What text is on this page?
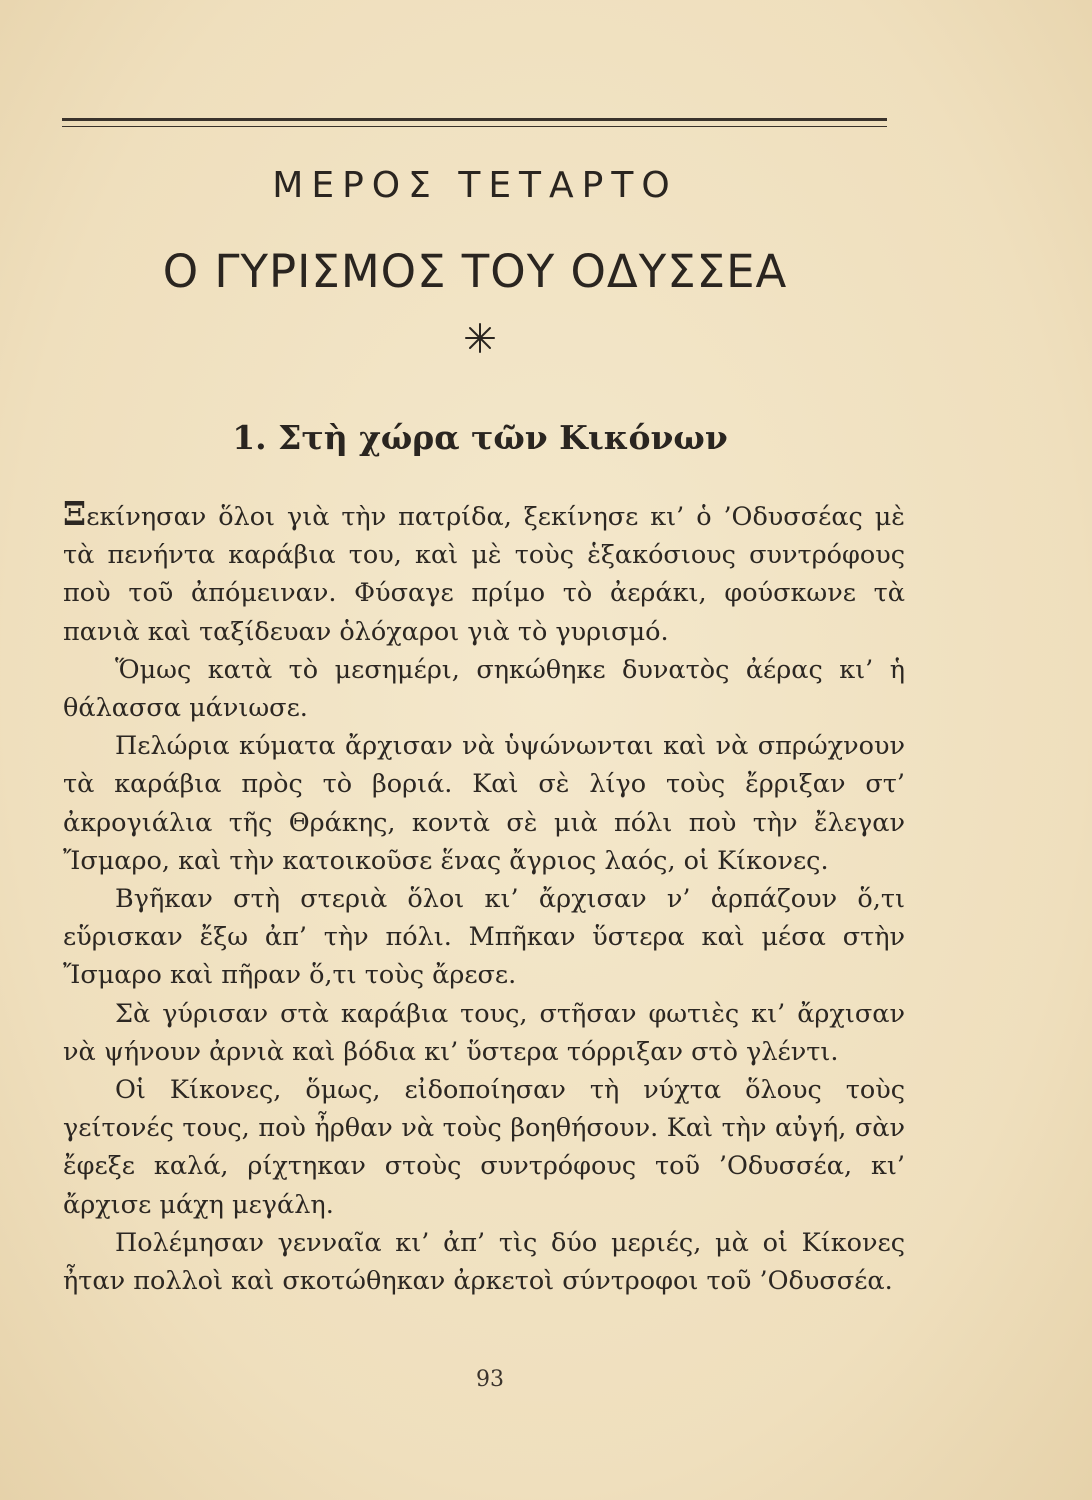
ΜΕΡΟΣ ΤΕΤΑΡΤΟ
Ο ΓΥΡΙΣΜΟΣ ΤΟΥ ΟΔΥΣΣΕΑ
1. Στὴ χώρα τῶν Κικόνων

Ξεκίνησαν ὅλοι γιὰ τὴν πατρίδα, ξεκίνησε κι’ ὁ ’Οδυσσέας μὲ τὰ πενήντα καράβια του, καὶ μὲ τοὺς ἑξακόσιους συντρόφους ποὺ τοῦ ἀπόμειναν. Φύσαγε πρίμο τὸ ἀεράκι, φούσκωνε τὰ πανιὰ καὶ ταξίδευαν ὁλόχαροι γιὰ τὸ γυρισμό.

Ὅμως κατὰ τὸ μεσημέρι, σηκώθηκε δυνατὸς ἀέρας κι’ ἡ θάλασσα μάνιωσε.

Πελώρια κύματα ἄρχισαν νὰ ὑψώνωνται καὶ νὰ σπρώχνουν τὰ καράβια πρὸς τὸ βοριά. Καὶ σὲ λίγο τοὺς ἔρριξαν στ’ ἀκρογιάλια τῆς Θράκης, κοντὰ σὲ μιὰ πόλι ποὺ τὴν ἔλεγαν Ἴσμαρο, καὶ τὴν κατοικοῦσε ἕνας ἄγριος λαός, οἱ Κίκονες.

Βγῆκαν στὴ στεριὰ ὅλοι κι’ ἄρχισαν ν’ ἁρπάζουν ὅ,τι εὕρισκαν ἔξω ἀπ’ τὴν πόλι. Μπῆκαν ὕστερα καὶ μέσα στὴν Ἴσμαρο καὶ πῆραν ὅ,τι τοὺς ἄρεσε.

Σὰ γύρισαν στὰ καράβια τους, στῆσαν φωτιὲς κι’ ἄρχισαν νὰ ψήνουν ἀρνιὰ καὶ βόδια κι’ ὕστερα τόρριξαν στὸ γλέντι.

Οἱ Κίκονες, ὅμως, εἰδοποίησαν τὴ νύχτα ὅλους τοὺς γείτονές τους, ποὺ ἦρθαν νὰ τοὺς βοηθήσουν. Καὶ τὴν αὐγή, σὰν ἔφεξε καλά, ρίχτηκαν στοὺς συντρόφους τοῦ ’Οδυσσέα, κι’ ἄρχισε μάχη μεγάλη.

Πολέμησαν γενναῖα κι’ ἀπ’ τὶς δύο μεριές, μὰ οἱ Κίκονες ἦταν πολλοὶ καὶ σκοτώθηκαν ἀρκετοὶ σύντροφοι τοῦ ’Οδυσσέα.

93
